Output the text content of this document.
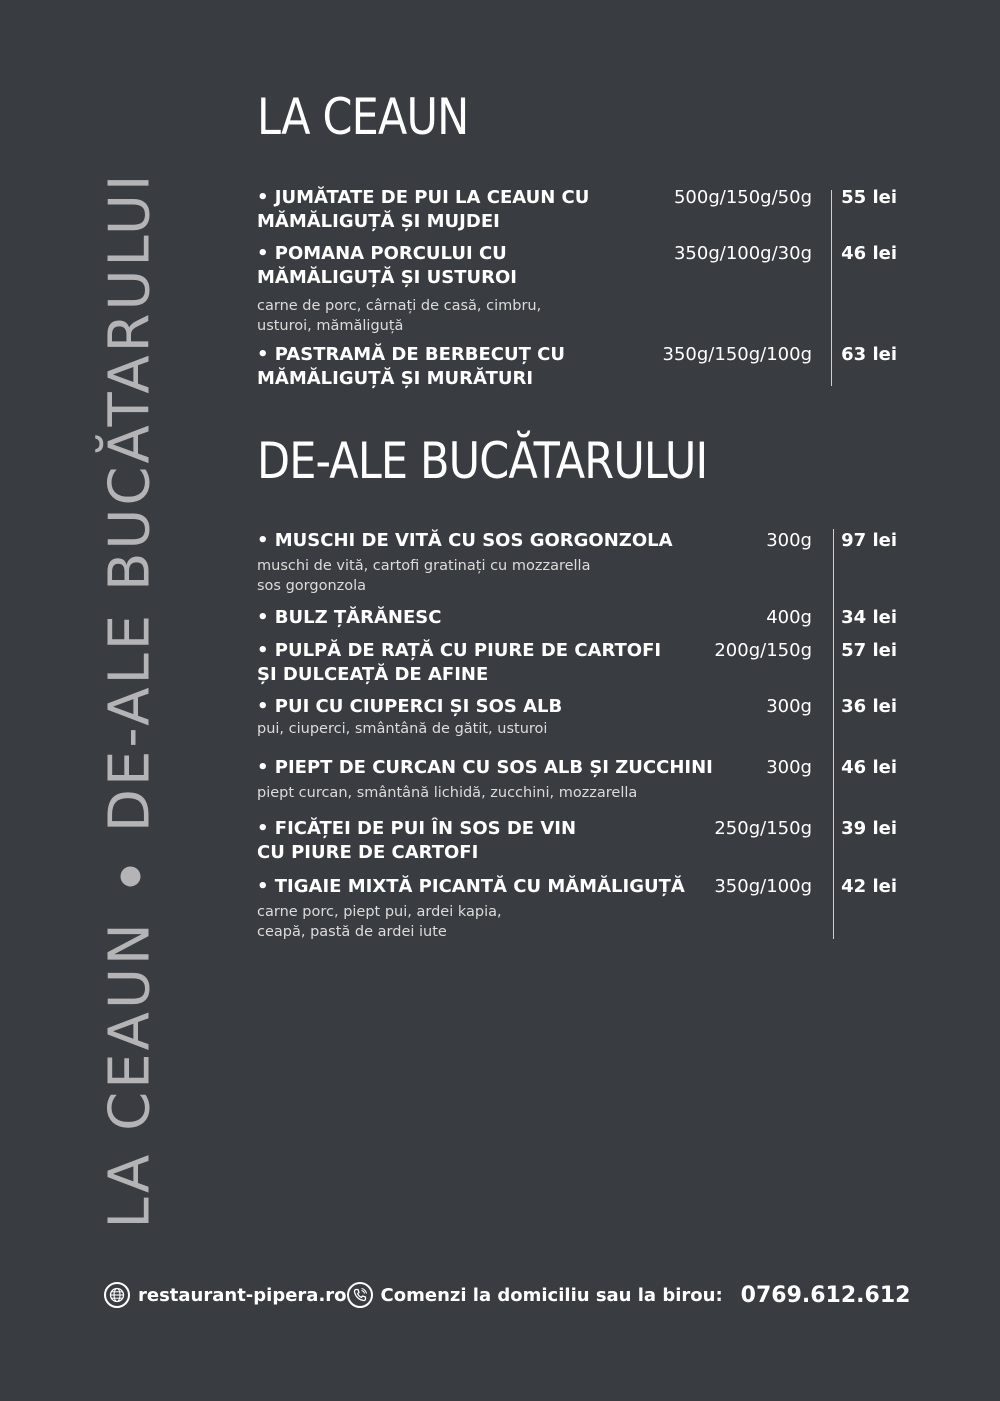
LA CEAUN
DE-ALE BUCĂTARULUI
LA CEAUN
• JUMĂTATE DE PUI LA CEAUN CU
MĂMĂLIGUȚĂ ȘI MUJDEI
500g/150g/50g 55 lei
• POMANA PORCULUI CU
MĂMĂLIGUȚĂ ȘI USTUROI
carne de porc, cârnați de casă, cimbru,
usturoi, mămăliguță
350g/100g/30g 46 lei
• PASTRAMĂ DE BERBECUȚ CU
MĂMĂLIGUȚĂ ȘI MURĂTURI
350g/150g/100g 63 lei
DE-ALE BUCĂTARULUI
• MUSCHI DE VITĂ CU SOS GORGONZOLA
muschi de vită, cartofi gratinați cu mozzarella
sos gorgonzola
300g 97 lei
• BULZ ȚĂRĂNESC	400g 34 lei
• PULPĂ DE RAȚĂ CU PIURE DE CARTOFI
ȘI DULCEAȚĂ DE AFINE
200g/150g 57 lei
• PUI CU CIUPERCI ȘI SOS ALB
pui, ciuperci, smântână de gătit, usturoi
300g 36 lei
• PIEPT DE CURCAN CU SOS ALB ȘI ZUCCHINI
piept curcan, smântână lichidă, zucchini, mozzarella
300g 46 lei
• FICĂȚEI DE PUI ÎN SOS DE VIN
CU PIURE DE CARTOFI
250g/150g 39 lei
• TIGAIE MIXTĂ PICANTĂ CU MĂMĂLIGUȚĂ
carne porc, piept pui, ardei kapia,
ceapă, pastă de ardei iute
350g/100g 42 lei
restaurant-pipera.ro Comenzi la domiciliu sau la birou: 0769.612.612
